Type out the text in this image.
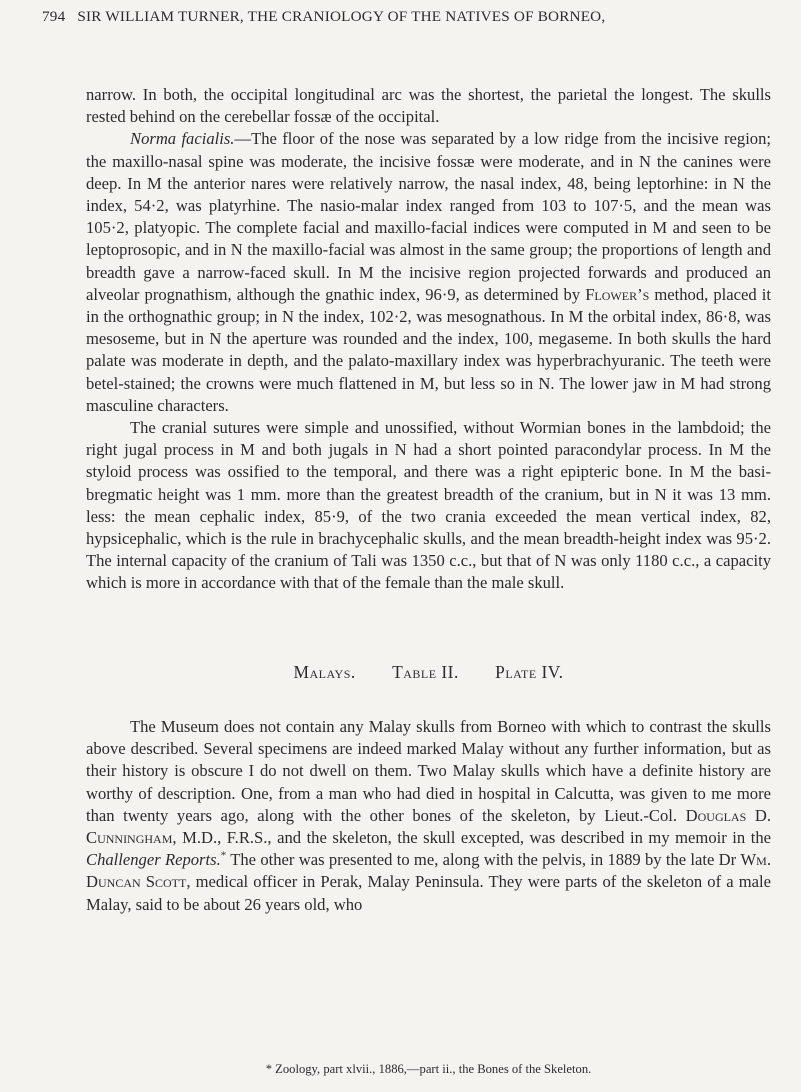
794 SIR WILLIAM TURNER, THE CRANIOLOGY OF THE NATIVES OF BORNEO,

narrow. In both, the occipital longitudinal arc was the shortest, the parietal the longest. The skulls rested behind on the cerebellar fossæ of the occipital.

Norma facialis.—The floor of the nose was separated by a low ridge from the incisive region; the maxillo-nasal spine was moderate, the incisive fossæ were moderate, and in N the canines were deep. In M the anterior nares were relatively narrow, the nasal index, 48, being leptorhine: in N the index, 54·2, was platyrhine. The nasio-malar index ranged from 103 to 107·5, and the mean was 105·2, platyopic. The complete facial and maxillo-facial indices were computed in M and seen to be leptoprosopic, and in N the maxillo-facial was almost in the same group; the proportions of length and breadth gave a narrow-faced skull. In M the incisive region projected forwards and produced an alveolar prognathism, although the gnathic index, 96·9, as determined by Flower’s method, placed it in the orthognathic group; in N the index, 102·2, was mesognathous. In M the orbital index, 86·8, was mesoseme, but in N the aperture was rounded and the index, 100, megaseme. In both skulls the hard palate was moderate in depth, and the palato-maxillary index was hyperbrachyuranic. The teeth were betel-stained; the crowns were much flattened in M, but less so in N. The lower jaw in M had strong masculine characters.

The cranial sutures were simple and unossified, without Wormian bones in the lambdoid; the right jugal process in M and both jugals in N had a short pointed paracondylar process. In M the styloid process was ossified to the temporal, and there was a right epipteric bone. In M the basi-bregmatic height was 1 mm. more than the greatest breadth of the cranium, but in N it was 13 mm. less: the mean cephalic index, 85·9, of the two crania exceeded the mean vertical index, 82, hypsicephalic, which is the rule in brachycephalic skulls, and the mean breadth-height index was 95·2. The internal capacity of the cranium of Tali was 1350 c.c., but that of N was only 1180 c.c., a capacity which is more in accordance with that of the female than the male skull.

Malays. Table II. Plate IV.

The Museum does not contain any Malay skulls from Borneo with which to contrast the skulls above described. Several specimens are indeed marked Malay without any further information, but as their history is obscure I do not dwell on them. Two Malay skulls which have a definite history are worthy of description. One, from a man who had died in hospital in Calcutta, was given to me more than twenty years ago, along with the other bones of the skeleton, by Lieut.-Col. Douglas D. Cunningham, M.D., F.R.S., and the skeleton, the skull excepted, was described in my memoir in the Challenger Reports.* The other was presented to me, along with the pelvis, in 1889 by the late Dr Wm. Duncan Scott, medical officer in Perak, Malay Peninsula. They were parts of the skeleton of a male Malay, said to be about 26 years old, who

* Zoology, part xlvii., 1886,—part ii., the Bones of the Skeleton.
